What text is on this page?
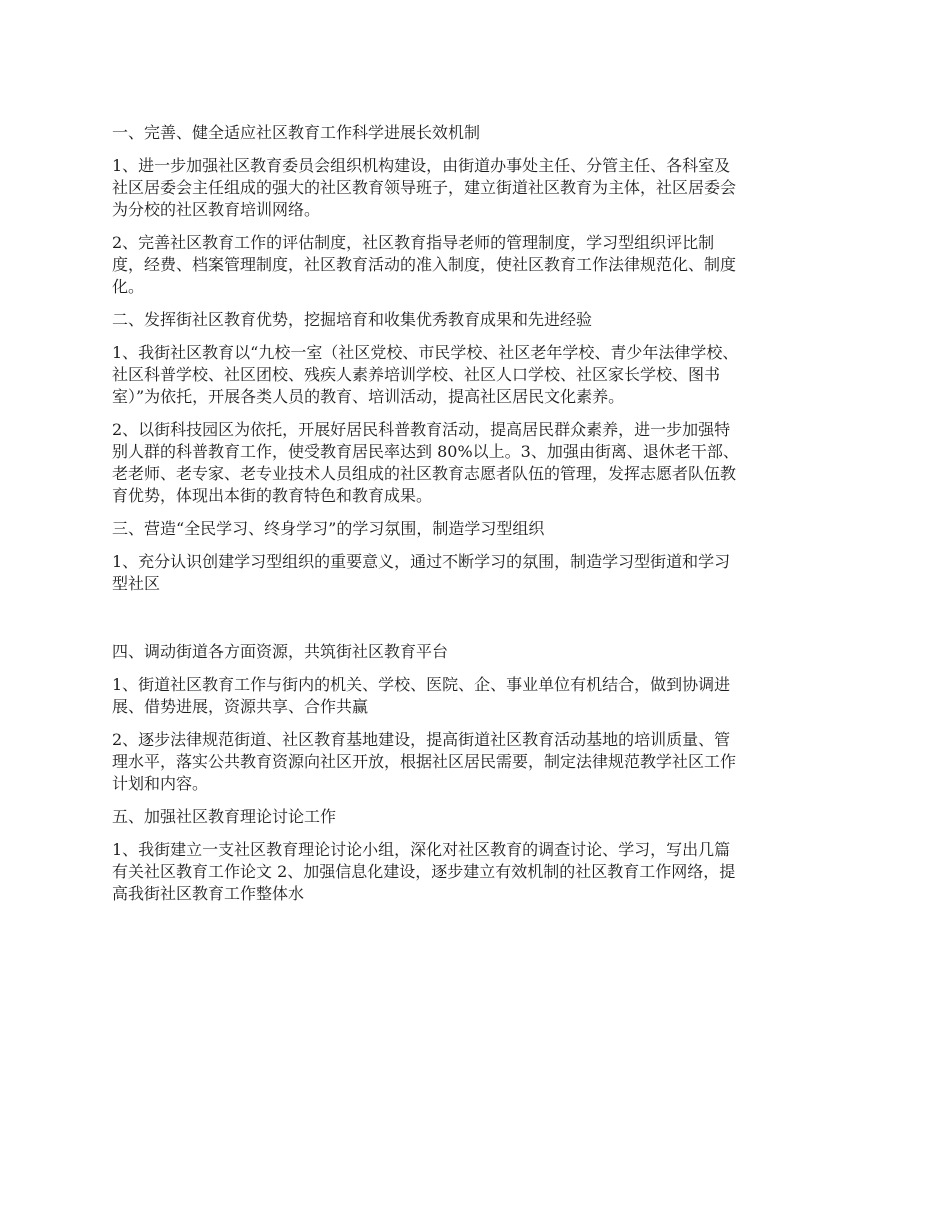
一、完善、健全适应社区教育工作科学进展长效机制
1、进一步加强社区教育委员会组织机构建设，由街道办事处主任、分管主任、各科室及
社区居委会主任组成的强大的社区教育领导班子，建立街道社区教育为主体，社区居委会
为分校的社区教育培训网络。
2、完善社区教育工作的评估制度，社区教育指导老师的管理制度，学习型组织评比制
度，经费、档案管理制度，社区教育活动的准入制度，使社区教育工作法律规范化、制度
化。
二、发挥街社区教育优势，挖掘培育和收集优秀教育成果和先进经验
1、我街社区教育以“九校一室（社区党校、市民学校、社区老年学校、青少年法律学校、
社区科普学校、社区团校、残疾人素养培训学校、社区人口学校、社区家长学校、图书
室）”为依托，开展各类人员的教育、培训活动，提高社区居民文化素养。
2、以街科技园区为依托，开展好居民科普教育活动，提高居民群众素养，进一步加强特
别人群的科普教育工作，使受教育居民率达到 80%以上。3、加强由街离、退休老干部、
老老师、老专家、老专业技术人员组成的社区教育志愿者队伍的管理，发挥志愿者队伍教
育优势，体现出本街的教育特色和教育成果。
三、营造“全民学习、终身学习”的学习氛围，制造学习型组织
1、充分认识创建学习型组织的重要意义，通过不断学习的氛围，制造学习型街道和学习
型社区
四、调动街道各方面资源，共筑街社区教育平台
1、街道社区教育工作与街内的机关、学校、医院、企、事业单位有机结合，做到协调进
展、借势进展，资源共享、合作共赢
2、逐步法律规范街道、社区教育基地建设，提高街道社区教育活动基地的培训质量、管
理水平，落实公共教育资源向社区开放，根据社区居民需要，制定法律规范教学社区工作
计划和内容。
五、加强社区教育理论讨论工作
1、我街建立一支社区教育理论讨论小组，深化对社区教育的调查讨论、学习，写出几篇
有关社区教育工作论文 2、加强信息化建设，逐步建立有效机制的社区教育工作网络，提
高我街社区教育工作整体水
